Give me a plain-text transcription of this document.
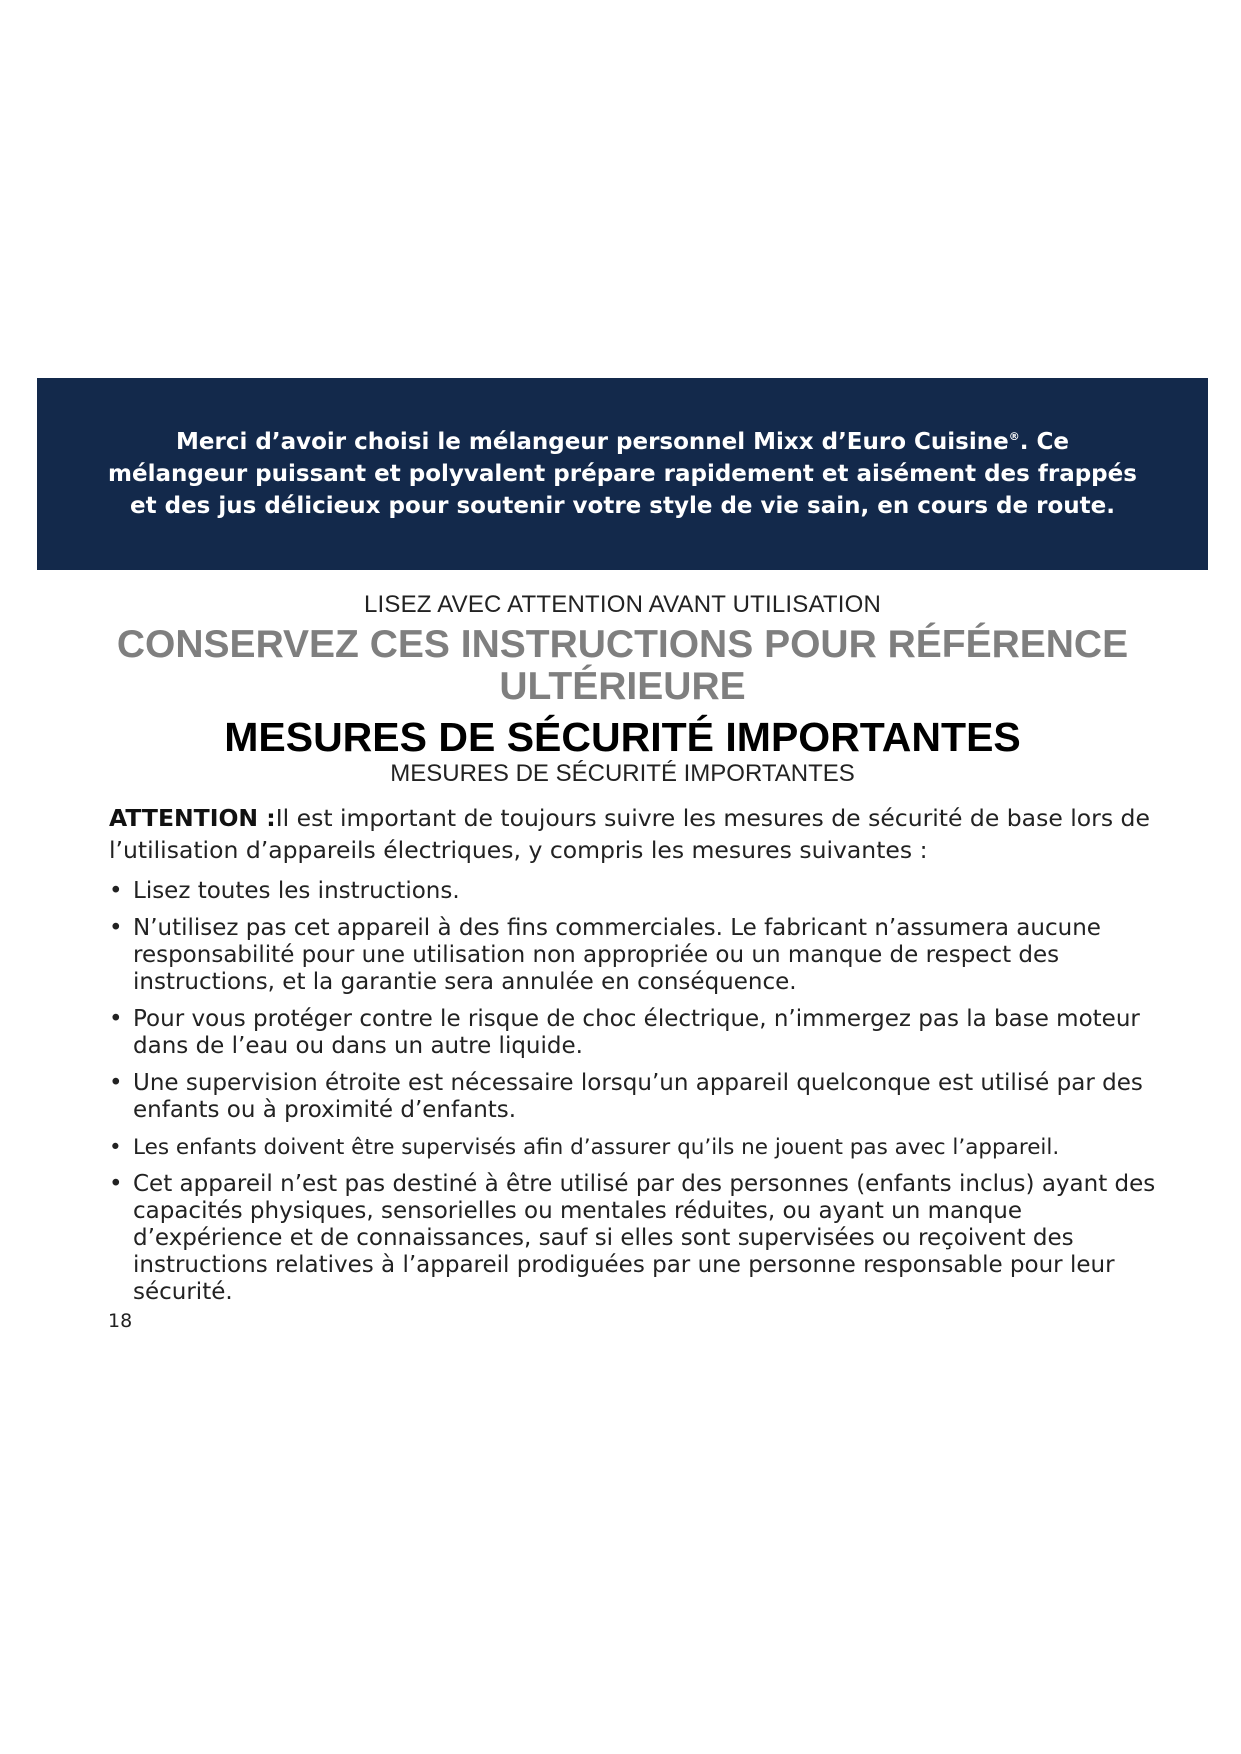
Merci d’avoir choisi le mélangeur personnel Mixx d’Euro Cuisine®. Ce mélangeur puissant et polyvalent prépare rapidement et aisément des frappés et des jus délicieux pour soutenir votre style de vie sain, en cours de route.

LISEZ AVEC ATTENTION AVANT UTILISATION
CONSERVEZ CES INSTRUCTIONS POUR RÉFÉRENCE ULTÉRIEURE
MESURES DE SÉCURITÉ IMPORTANTES
MESURES DE SÉCURITÉ IMPORTANTES

ATTENTION :Il est important de toujours suivre les mesures de sécurité de base lors de l’utilisation d’appareils électriques, y compris les mesures suivantes :

• Lisez toutes les instructions.
• N’utilisez pas cet appareil à des fins commerciales. Le fabricant n’assumera aucune responsabilité pour une utilisation non appropriée ou un manque de respect des instructions, et la garantie sera annulée en conséquence.
• Pour vous protéger contre le risque de choc électrique, n’immergez pas la base moteur dans de l’eau ou dans un autre liquide.
• Une supervision étroite est nécessaire lorsqu’un appareil quelconque est utilisé par des enfants ou à proximité d’enfants.
• Les enfants doivent être supervisés afin d’assurer qu’ils ne jouent pas avec l’appareil.
• Cet appareil n’est pas destiné à être utilisé par des personnes (enfants inclus) ayant des capacités physiques, sensorielles ou mentales réduites, ou ayant un manque d’expérience et de connaissances, sauf si elles sont supervisées ou reçoivent des instructions relatives à l’appareil prodiguées par une personne responsable pour leur sécurité.
18
